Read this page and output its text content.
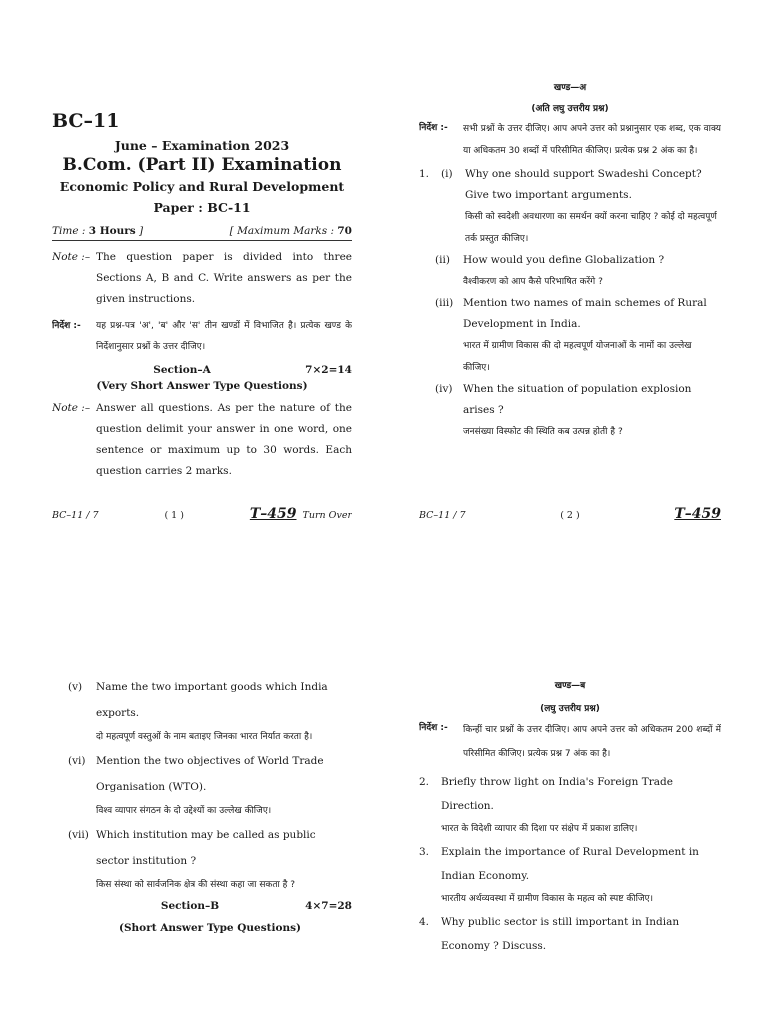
BC–11
June – Examination 2023
B.Com. (Part II) Examination
Economic Policy and Rural Development
Paper : BC-11
Time : 3 Hours ]	[ Maximum Marks : 70
Note :– The question paper is divided into three Sections A, B and C. Write answers as per the given instructions.
निर्देश :-	यह प्रश्न-पत्र 'अ', 'ब' और 'स' तीन खण्डों में विभाजित है। प्रत्येक खण्ड के निर्देशानुसार प्रश्नों के उत्तर दीजिए।
Section–A	7×2=14
(Very Short Answer Type Questions)
Note :– Answer all questions. As per the nature of the question delimit your answer in one word, one sentence or maximum up to 30 words. Each question carries 2 marks.
BC–11 / 7	( 1 )	T–459 Turn Over
खण्ड—अ
(अति लघु उत्तरीय प्रश्न)
निर्देश :-	सभी प्रश्नों के उत्तर दीजिए। आप अपने उत्तर को प्रश्नानुसार एक शब्द, एक वाक्य या अधिकतम 30 शब्दों में परिसीमित कीजिए। प्रत्येक प्रश्न 2 अंक का है।
1.	(i)	Why one should support Swadeshi Concept? Give two important arguments.
किसी को स्वदेशी अवधारणा का समर्थन क्यों करना चाहिए ? कोई दो महत्वपूर्ण तर्क प्रस्तुत कीजिए।
(ii)	How would you define Globalization ?
वैश्वीकरण को आप कैसे परिभाषित करेंगे ?
(iii) Mention two names of main schemes of Rural Development in India.
भारत में ग्रामीण विकास की दो महत्वपूर्ण योजनाओं के नामों का उल्लेख कीजिए।
(iv)	When the situation of population explosion arises ?
जनसंख्या विस्फोट की स्थिति कब उत्पन्न होती है ?
BC–11 / 7	( 2 )	T–459
(v)	Name the two important goods which India exports.
दो महत्वपूर्ण वस्तुओं के नाम बताइए जिनका भारत निर्यात करता है।
(vi)	Mention the two objectives of World Trade Organisation (WTO).
विश्व व्यापार संगठन के दो उद्देश्यों का उल्लेख कीजिए।
(vii) Which institution may be called as public sector institution ?
किस संस्था को सार्वजनिक क्षेत्र की संस्था कहा जा सकता है ?
Section–B	4×7=28
(Short Answer Type Questions)
खण्ड—ब
(लघु उत्तरीय प्रश्न)
निर्देश :-	किन्हीं चार प्रश्नों के उत्तर दीजिए। आप अपने उत्तर को अधिकतम 200 शब्दों में परिसीमित कीजिए। प्रत्येक प्रश्न 7 अंक का है।
2.	Briefly throw light on India's Foreign Trade Direction.
भारत के विदेशी व्यापार की दिशा पर संक्षेप में प्रकाश डालिए।
3.	Explain the importance of Rural Development in Indian Economy.
भारतीय अर्थव्यवस्था में ग्रामीण विकास के महत्व को स्पष्ट कीजिए।
4.	Why public sector is still important in Indian Economy ? Discuss.
